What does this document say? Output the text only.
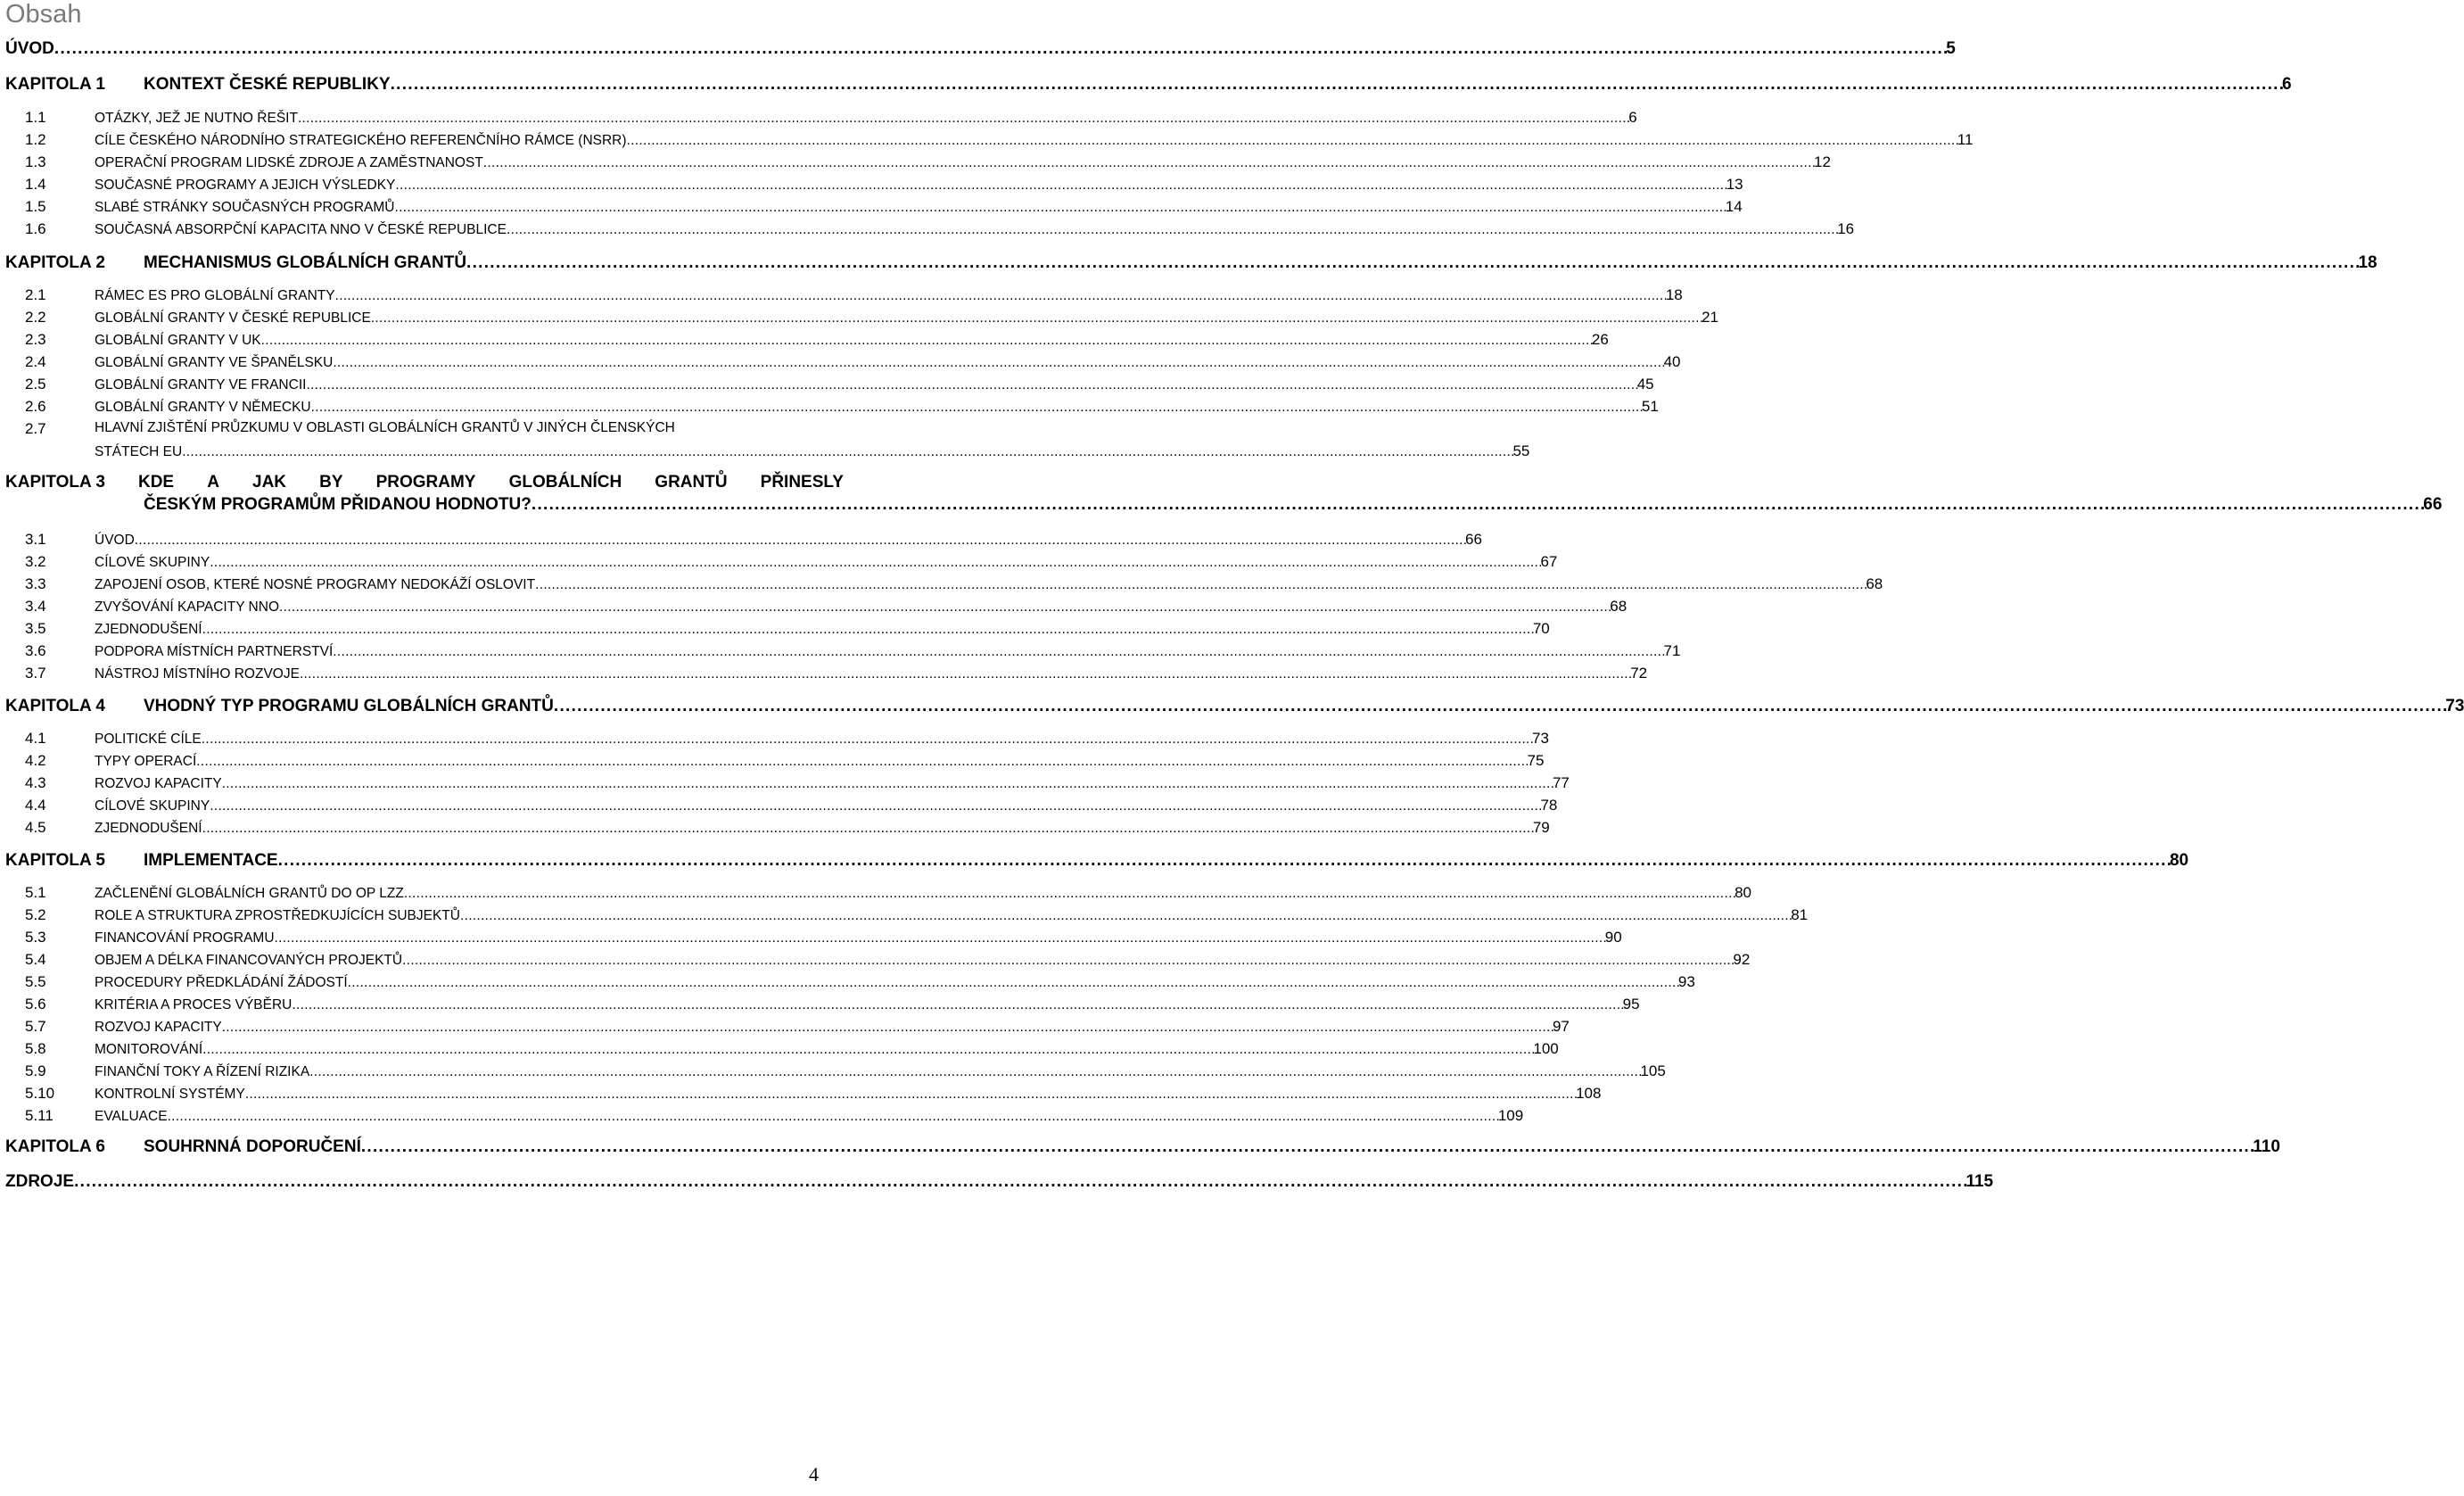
Obsah
ÚVOD . . .	5
KAPITOLA 1	KONTEXT ČESKÉ REPUBLIKY . . .	6
1.1	OTÁZKY, JEŽ JE NUTNO ŘEŠIT . . .	6
1.2	CÍLE ČESKÉHO NÁRODNÍHO STRATEGICKÉHO REFERENČNÍHO RÁMCE (NSRR) . . .	11
1.3	OPERAČNÍ PROGRAM LIDSKÉ ZDROJE A ZAMĚSTNANOST . . .	12
1.4	SOUČASNÉ PROGRAMY A JEJICH VÝSLEDKY . . .	13
1.5	SLABÉ STRÁNKY SOUČASNÝCH PROGRAMŮ . . .	14
1.6	SOUČASNÁ ABSORPČNÍ KAPACITA NNO V ČESKÉ REPUBLICE . . .	16
KAPITOLA 2	MECHANISMUS GLOBÁLNÍCH GRANTŮ . . .	18
2.1	RÁMEC ES PRO GLOBÁLNÍ GRANTY . . .	18
2.2	GLOBÁLNÍ GRANTY V ČESKÉ REPUBLICE . . .	21
2.3	GLOBÁLNÍ GRANTY V UK . . .	26
2.4	GLOBÁLNÍ GRANTY VE ŠPANĚLSKU . . .	40
2.5	GLOBÁLNÍ GRANTY VE FRANCII . . .	45
2.6	GLOBÁLNÍ GRANTY V NĚMECKU . . .	51
2.7	HLAVNÍ ZJIŠTĚNÍ PRŮZKUMU V OBLASTI GLOBÁLNÍCH GRANTŮ V JINÝCH ČLENSKÝCH
STÁTECH EU . . .	55
KAPITOLA 3 KDE A JAK BY PROGRAMY GLOBÁLNÍCH GRANTŮ PŘINESLY
ČESKÝM PROGRAMŮM PŘIDANOU HODNOTU? . . .	66
3.1	ÚVOD . . .	66
3.2	CÍLOVÉ SKUPINY . . .	67
3.3	ZAPOJENÍ OSOB, KTERÉ NOSNÉ PROGRAMY NEDOKÁŽÍ OSLOVIT . . .	68
3.4	ZVYŠOVÁNÍ KAPACITY NNO . . .	68
3.5	ZJEDNODUŠENÍ . . .	70
3.6	PODPORA MÍSTNÍCH PARTNERSTVÍ . . .	71
3.7	NÁSTROJ MÍSTNÍHO ROZVOJE . . .	72
KAPITOLA 4	VHODNÝ TYP PROGRAMU GLOBÁLNÍCH GRANTŮ . . .	73
4.1	POLITICKÉ CÍLE . . .	73
4.2	TYPY OPERACÍ . . .	75
4.3	ROZVOJ KAPACITY . . .	77
4.4	CÍLOVÉ SKUPINY . . .	78
4.5	ZJEDNODUŠENÍ . . .	79
KAPITOLA 5	IMPLEMENTACE . . .	80
5.1	ZAČLENĚNÍ GLOBÁLNÍCH GRANTŮ DO OP LZZ . . .	80
5.2	ROLE A STRUKTURA ZPROSTŘEDKUJÍCÍCH SUBJEKTŮ . . .	81
5.3	FINANCOVÁNÍ PROGRAMU . . .	90
5.4	OBJEM A DÉLKA FINANCOVANÝCH PROJEKTŮ . . .	92
5.5	PROCEDURY PŘEDKLÁDÁNÍ ŽÁDOSTÍ . . .	93
5.6	KRITÉRIA A PROCES VÝBĚRU . . .	95
5.7	ROZVOJ KAPACITY . . .	97
5.8	MONITOROVÁNÍ . . .	100
5.9	FINANČNÍ TOKY A ŘÍZENÍ RIZIKA . . .	105
5.10	KONTROLNÍ SYSTÉMY . . .	108
5.11	EVALUACE . . .	109
KAPITOLA 6	SOUHRNNÁ DOPORUČENÍ . . .	110
ZDROJE . . .	115
4
